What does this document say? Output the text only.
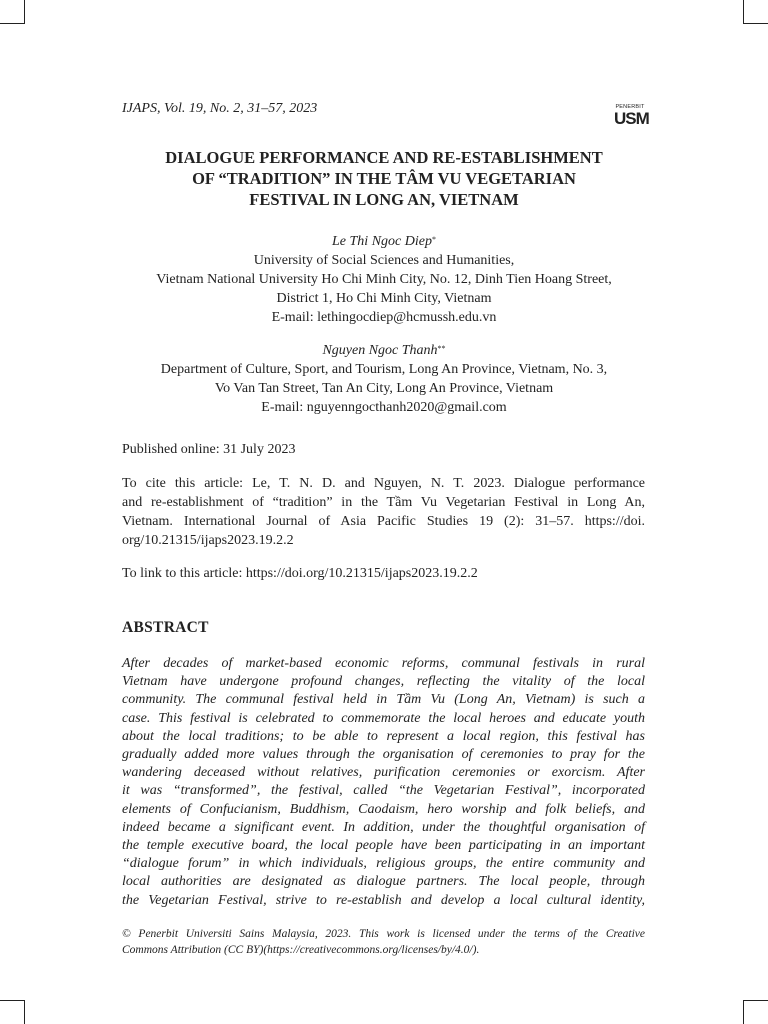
IJAPS, Vol. 19, No. 2, 31–57, 2023	PENERBIT
USM
DIALOGUE PERFORMANCE AND RE-ESTABLISHMENT
OF “TRADITION” IN THE TÂM VU VEGETARIAN
FESTIVAL IN LONG AN, VIETNAM
Le Thi Ngoc Diep*
University of Social Sciences and Humanities,
Vietnam National University Ho Chi Minh City, No. 12, Dinh Tien Hoang Street,
District 1, Ho Chi Minh City, Vietnam
E-mail: lethingocdiep@hcmussh.edu.vn
Nguyen Ngoc Thanh**
Department of Culture, Sport, and Tourism, Long An Province, Vietnam, No. 3,
Vo Van Tan Street, Tan An City, Long An Province, Vietnam
E-mail: nguyenngocthanh2020@gmail.com
Published online: 31 July 2023
To cite this article: Le, T. N. D. and Nguyen, N. T. 2023. Dialogue performance
and re-establishment of “tradition” in the Tầm Vu Vegetarian Festival in Long An,
Vietnam. International Journal of Asia Pacific Studies 19 (2): 31–57. https://doi.
org/10.21315/ijaps2023.19.2.2
To link to this article: https://doi.org/10.21315/ijaps2023.19.2.2
ABSTRACT
After decades of market-based economic reforms, communal festivals in rural
Vietnam have undergone profound changes, reflecting the vitality of the local
community. The communal festival held in Tầm Vu (Long An, Vietnam) is such a
case. This festival is celebrated to commemorate the local heroes and educate youth
about the local traditions; to be able to represent a local region, this festival has
gradually added more values through the organisation of ceremonies to pray for the
wandering deceased without relatives, purification ceremonies or exorcism. After
it was “transformed”, the festival, called “the Vegetarian Festival”, incorporated
elements of Confucianism, Buddhism, Caodaism, hero worship and folk beliefs, and
indeed became a significant event. In addition, under the thoughtful organisation of
the temple executive board, the local people have been participating in an important
“dialogue forum” in which individuals, religious groups, the entire community and
local authorities are designated as dialogue partners. The local people, through
the Vegetarian Festival, strive to re-establish and develop a local cultural identity,
© Penerbit Universiti Sains Malaysia, 2023. This work is licensed under the terms of the Creative
Commons Attribution (CC BY)(https://creativecommons.org/licenses/by/4.0/).
